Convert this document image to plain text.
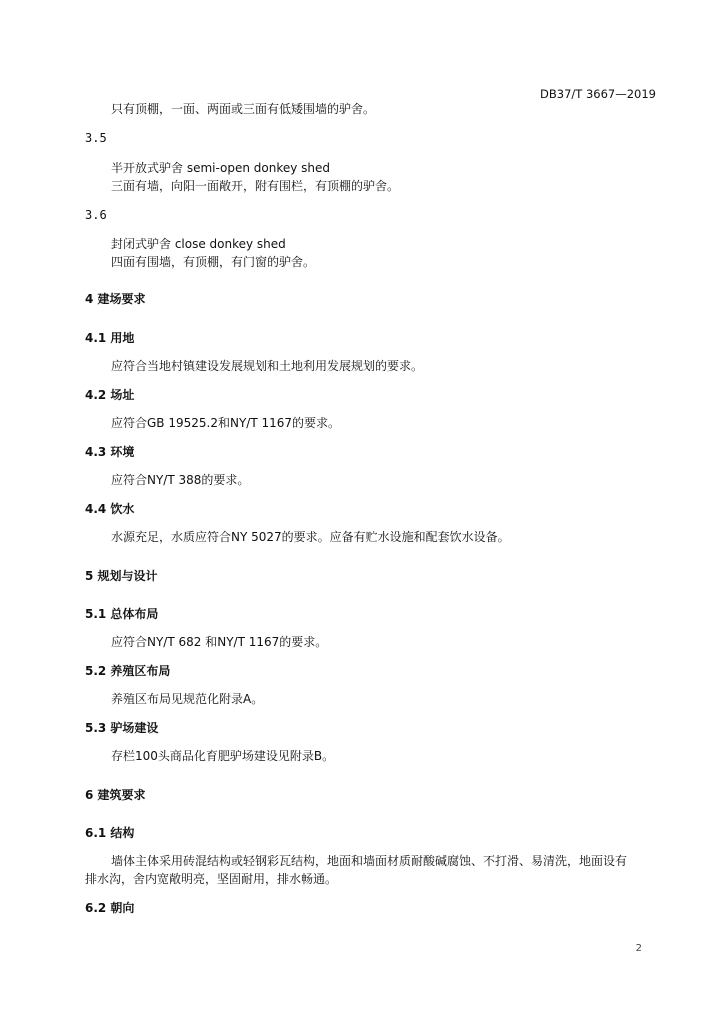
DB37/T 3667—2019
只有顶棚，一面、两面或三面有低矮围墙的驴舍。
3.5
半开放式驴舍 semi-open donkey shed
三面有墙，向阳一面敞开，附有围栏，有顶棚的驴舍。
3.6
封闭式驴舍 close donkey shed
四面有围墙，有顶棚，有门窗的驴舍。
4 建场要求
4.1 用地
应符合当地村镇建设发展规划和土地利用发展规划的要求。
4.2 场址
应符合GB 19525.2和NY/T 1167的要求。
4.3 环境
应符合NY/T 388的要求。
4.4 饮水
水源充足，水质应符合NY 5027的要求。应备有贮水设施和配套饮水设备。
5 规划与设计
5.1 总体布局
应符合NY/T 682 和NY/T 1167的要求。
5.2 养殖区布局
养殖区布局见规范化附录A。
5.3 驴场建设
存栏100头商品化育肥驴场建设见附录B。
6 建筑要求
6.1 结构
墙体主体采用砖混结构或轻钢彩瓦结构，地面和墙面材质耐酸碱腐蚀、不打滑、易清洗，地面设有
排水沟，舍内宽敞明亮，坚固耐用，排水畅通。
6.2 朝向
2
